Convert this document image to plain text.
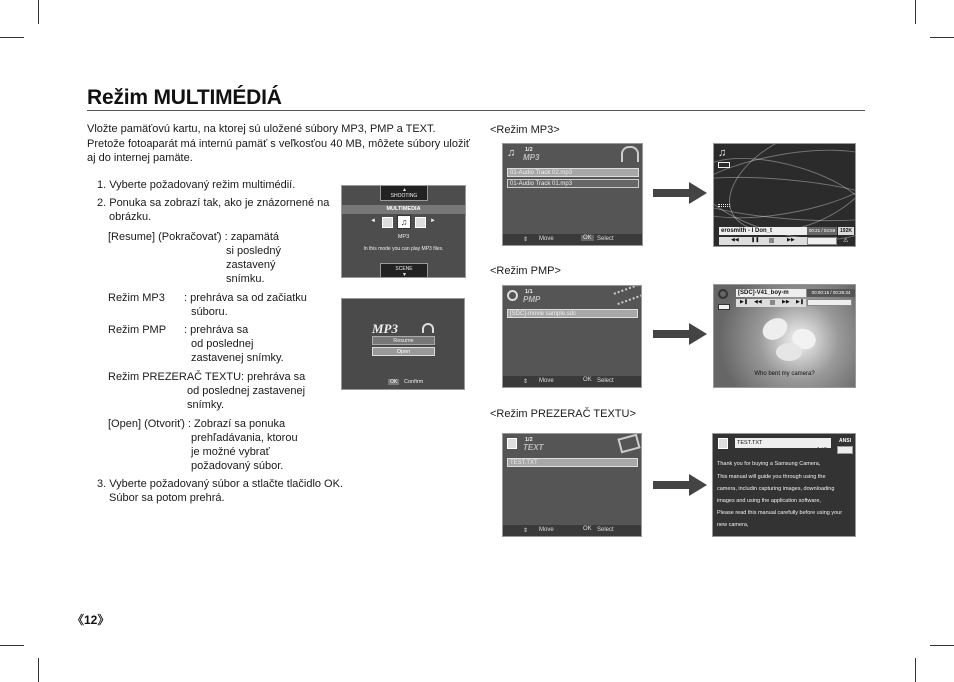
Režim MULTIMÉDIÁ
Vložte pamäťovú kartu, na ktorej sú uložené súbory MP3, PMP a TEXT.
Pretože fotoaparát má internú pamäť s veľkosťou 40 MB, môžete súbory uložiť
aj do internej pamäte.
1. Vyberte požadovaný režim multimédií.
2. Ponuka sa zobrazí tak, ako je znázornené na
obrázku.
[Resume] (Pokračovať) : zapamätá
si posledný
zastavený
snímku.
Režim MP3 : prehráva sa od začiatku
súboru.
Režim PMP : prehráva sa
od poslednej
zastavenej snímky.
Režim PREZERAČ TEXTU: prehráva sa
od poslednej zastavenej
snímky.
[Open] (Otvoriť) : Zobrazí sa ponuka
prehľadávania, ktorou
je možné vybrať
požadovaný súbor.
3. Vyberte požadovaný súbor a stlačte tlačidlo OK.
Súbor sa potom prehrá.
《12》
<Režim MP3>
<Režim PMP>
<Režim PREZERAČ TEXTU>
▲
SHOOTING
MULTIMEDIA
◄	♫	►
MP3
In this mode you can play MP3 files.
SCENE
▼
MP3
Resume
Open
OK	Confirm
♫ 1/2
MP3
01-Audio Track 02.mp3
01-Audio Track 01.mp3
⇕ Move	OK Select
♫
erosmith - I Don_t	00:21 / 04:59 192K
◀◀ ❚❚	▶▶	⚠
1/1
PMP
[SDC]-movie sample.sdc
⇕ Move	OK Select
[SDC]-V41_boy-m	00:00:15 / 00:26:34
▶❚ ◀◀	▶▶ ▶❚
Who bent my camera?
1/2
TEXT
TEST.TXT
⇕ Move	OK Select
TEST.TXT
1 / 2
ANSI
Thank you for buying a Samsung Camera,
This manual will guide you through using the
camera, includin capturing images, downloading
images and using the application software,
Please read this manual carefully before using your
new camera,
